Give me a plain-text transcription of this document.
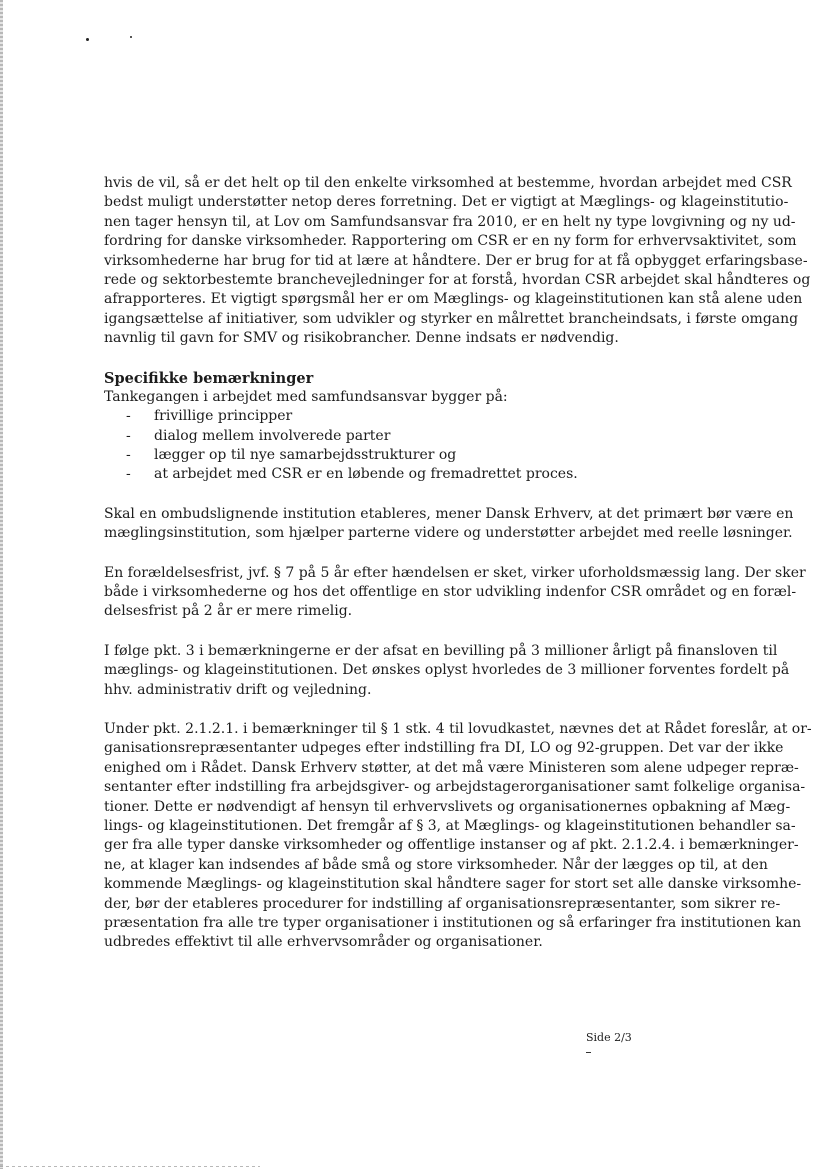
hvis de vil, så er det helt op til den enkelte virksomhed at bestemme, hvordan arbejdet med CSR
bedst muligt understøtter netop deres forretning. Det er vigtigt at Mæglings- og klageinstitutio-
nen tager hensyn til, at Lov om Samfundsansvar fra 2010, er en helt ny type lovgivning og ny ud-
fordring for danske virksomheder. Rapportering om CSR er en ny form for erhvervsaktivitet, som
virksomhederne har brug for tid at lære at håndtere. Der er brug for at få opbygget erfaringsbase-
rede og sektorbestemte branchevejledninger for at forstå, hvordan CSR arbejdet skal håndteres og
afrapporteres. Et vigtigt spørgsmål her er om Mæglings- og klageinstitutionen kan stå alene uden
igangsættelse af initiativer, som udvikler og styrker en målrettet brancheindsats, i første omgang
navnlig til gavn for SMV og risikobrancher. Denne indsats er nødvendig.
Specifikke bemærkninger
Tankegangen i arbejdet med samfundsansvar bygger på:
-	frivillige principper
-	dialog mellem involverede parter
-	lægger op til nye samarbejdsstrukturer og
-	at arbejdet med CSR er en løbende og fremadrettet proces.
Skal en ombudslignende institution etableres, mener Dansk Erhverv, at det primært bør være en
mæglingsinstitution, som hjælper parterne videre og understøtter arbejdet med reelle løsninger.
En forældelsesfrist, jvf. § 7 på 5 år efter hændelsen er sket, virker uforholdsmæssig lang. Der sker
både i virksomhederne og hos det offentlige en stor udvikling indenfor CSR området og en foræl-
delsesfrist på 2 år er mere rimelig.
I følge pkt. 3 i bemærkningerne er der afsat en bevilling på 3 millioner årligt på finansloven til
mæglings- og klageinstitutionen. Det ønskes oplyst hvorledes de 3 millioner forventes fordelt på
hhv. administrativ drift og vejledning.
Under pkt. 2.1.2.1. i bemærkninger til § 1 stk. 4 til lovudkastet, nævnes det at Rådet foreslår, at or-
ganisationsrepræsentanter udpeges efter indstilling fra DI, LO og 92-gruppen. Det var der ikke
enighed om i Rådet. Dansk Erhverv støtter, at det må være Ministeren som alene udpeger repræ-
sentanter efter indstilling fra arbejdsgiver- og arbejdstagerorganisationer samt folkelige organisa-
tioner. Dette er nødvendigt af hensyn til erhvervslivets og organisationernes opbakning af Mæg-
lings- og klageinstitutionen. Det fremgår af § 3, at Mæglings- og klageinstitutionen behandler sa-
ger fra alle typer danske virksomheder og offentlige instanser og af pkt. 2.1.2.4. i bemærkninger-
ne, at klager kan indsendes af både små og store virksomheder. Når der lægges op til, at den
kommende Mæglings- og klageinstitution skal håndtere sager for stort set alle danske virksomhe-
der, bør der etableres procedurer for indstilling af organisationsrepræsentanter, som sikrer re-
præsentation fra alle tre typer organisationer i institutionen og så erfaringer fra institutionen kan
udbredes effektivt til alle erhvervsområder og organisationer.
Side 2/3
